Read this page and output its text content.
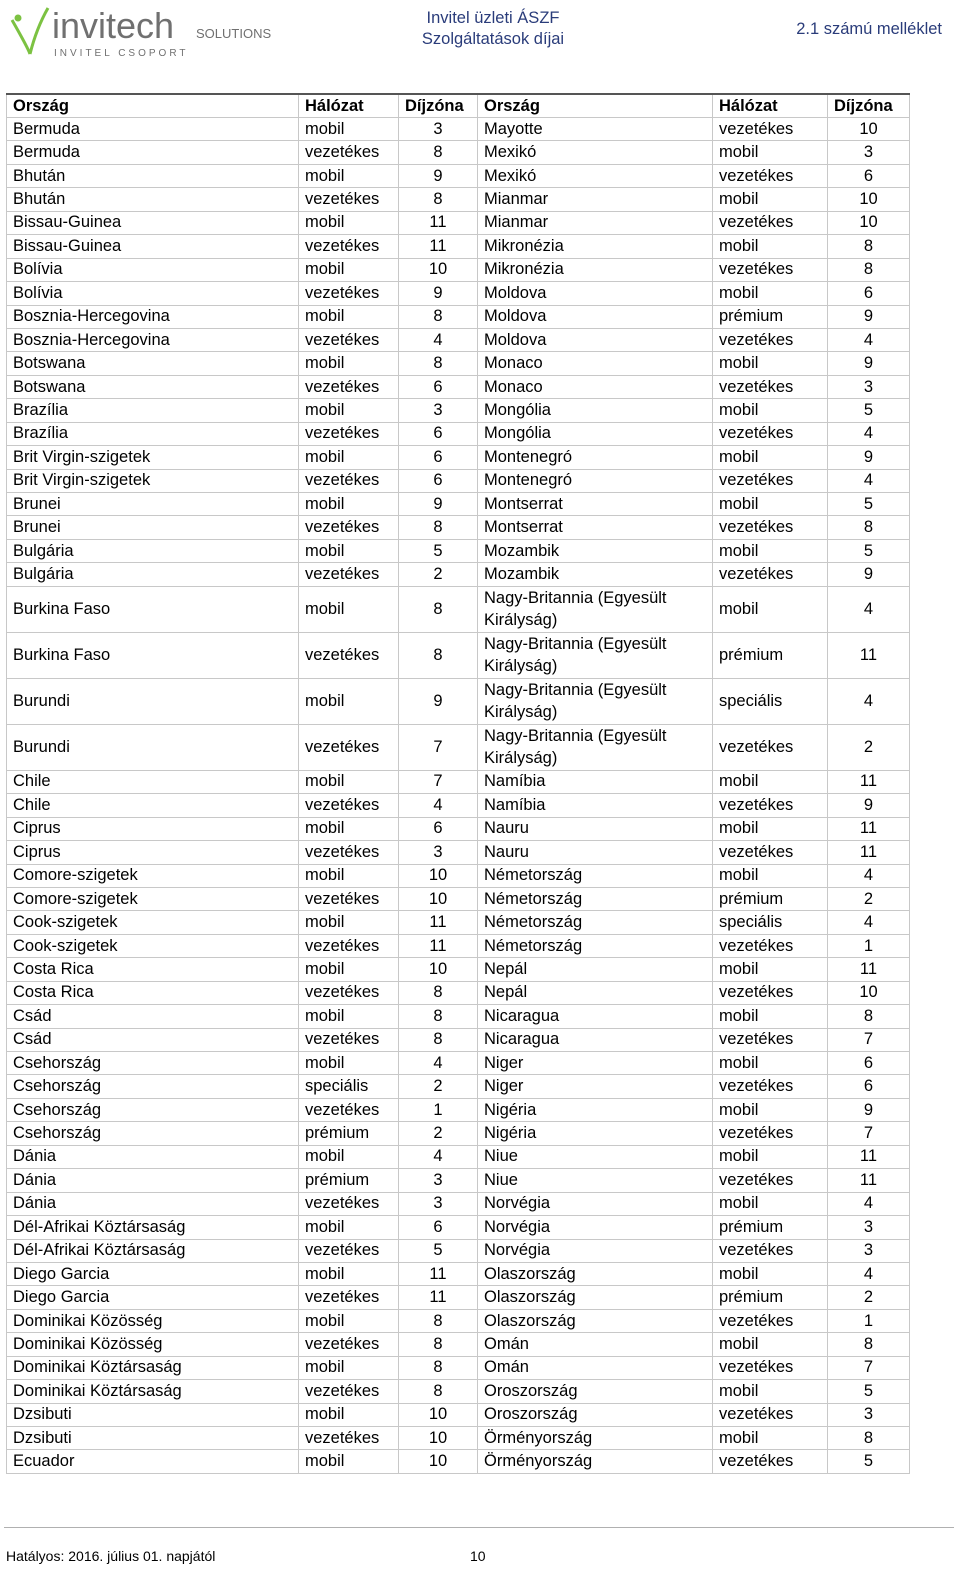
invitech SOLUTIONS
INVITEL CSOPORT
Invitel üzleti ÁSZF
Szolgáltatások díjai
2.1 számú melléklet
Ország	Hálózat	Díjzóna	Ország	Hálózat	Díjzóna
Bermuda	mobil	3	Mayotte	vezetékes	10
Bermuda	vezetékes	8	Mexikó	mobil	3
Bhután	mobil	9	Mexikó	vezetékes	6
Bhután	vezetékes	8	Mianmar	mobil	10
Bissau-Guinea	mobil	11	Mianmar	vezetékes	10
Bissau-Guinea	vezetékes	11	Mikronézia	mobil	8
Bolívia	mobil	10	Mikronézia	vezetékes	8
Bolívia	vezetékes	9	Moldova	mobil	6
Bosznia-Hercegovina	mobil	8	Moldova	prémium	9
Bosznia-Hercegovina	vezetékes	4	Moldova	vezetékes	4
Botswana	mobil	8	Monaco	mobil	9
Botswana	vezetékes	6	Monaco	vezetékes	3
Brazília	mobil	3	Mongólia	mobil	5
Brazília	vezetékes	6	Mongólia	vezetékes	4
Brit Virgin-szigetek	mobil	6	Montenegró	mobil	9
Brit Virgin-szigetek	vezetékes	6	Montenegró	vezetékes	4
Brunei	mobil	9	Montserrat	mobil	5
Brunei	vezetékes	8	Montserrat	vezetékes	8
Bulgária	mobil	5	Mozambik	mobil	5
Bulgária	vezetékes	2	Mozambik	vezetékes	9
Burkina Faso	mobil	8	Nagy-Britannia (Egyesült Királyság)	mobil	4
Burkina Faso	vezetékes	8	Nagy-Britannia (Egyesült Királyság)	prémium	11
Burundi	mobil	9	Nagy-Britannia (Egyesült Királyság)	speciális	4
Burundi	vezetékes	7	Nagy-Britannia (Egyesült Királyság)	vezetékes	2
Chile	mobil	7	Namíbia	mobil	11
Chile	vezetékes	4	Namíbia	vezetékes	9
Ciprus	mobil	6	Nauru	mobil	11
Ciprus	vezetékes	3	Nauru	vezetékes	11
Comore-szigetek	mobil	10	Németország	mobil	4
Comore-szigetek	vezetékes	10	Németország	prémium	2
Cook-szigetek	mobil	11	Németország	speciális	4
Cook-szigetek	vezetékes	11	Németország	vezetékes	1
Costa Rica	mobil	10	Nepál	mobil	11
Costa Rica	vezetékes	8	Nepál	vezetékes	10
Csád	mobil	8	Nicaragua	mobil	8
Csád	vezetékes	8	Nicaragua	vezetékes	7
Csehország	mobil	4	Niger	mobil	6
Csehország	speciális	2	Niger	vezetékes	6
Csehország	vezetékes	1	Nigéria	mobil	9
Csehország	prémium	2	Nigéria	vezetékes	7
Dánia	mobil	4	Niue	mobil	11
Dánia	prémium	3	Niue	vezetékes	11
Dánia	vezetékes	3	Norvégia	mobil	4
Dél-Afrikai Köztársaság	mobil	6	Norvégia	prémium	3
Dél-Afrikai Köztársaság	vezetékes	5	Norvégia	vezetékes	3
Diego Garcia	mobil	11	Olaszország	mobil	4
Diego Garcia	vezetékes	11	Olaszország	prémium	2
Dominikai Közösség	mobil	8	Olaszország	vezetékes	1
Dominikai Közösség	vezetékes	8	Omán	mobil	8
Dominikai Köztársaság	mobil	8	Omán	vezetékes	7
Dominikai Köztársaság	vezetékes	8	Oroszország	mobil	5
Dzsibuti	mobil	10	Oroszország	vezetékes	3
Dzsibuti	vezetékes	10	Örményország	mobil	8
Ecuador	mobil	10	Örményország	vezetékes	5
Hatályos: 2016. július 01. napjától	10
